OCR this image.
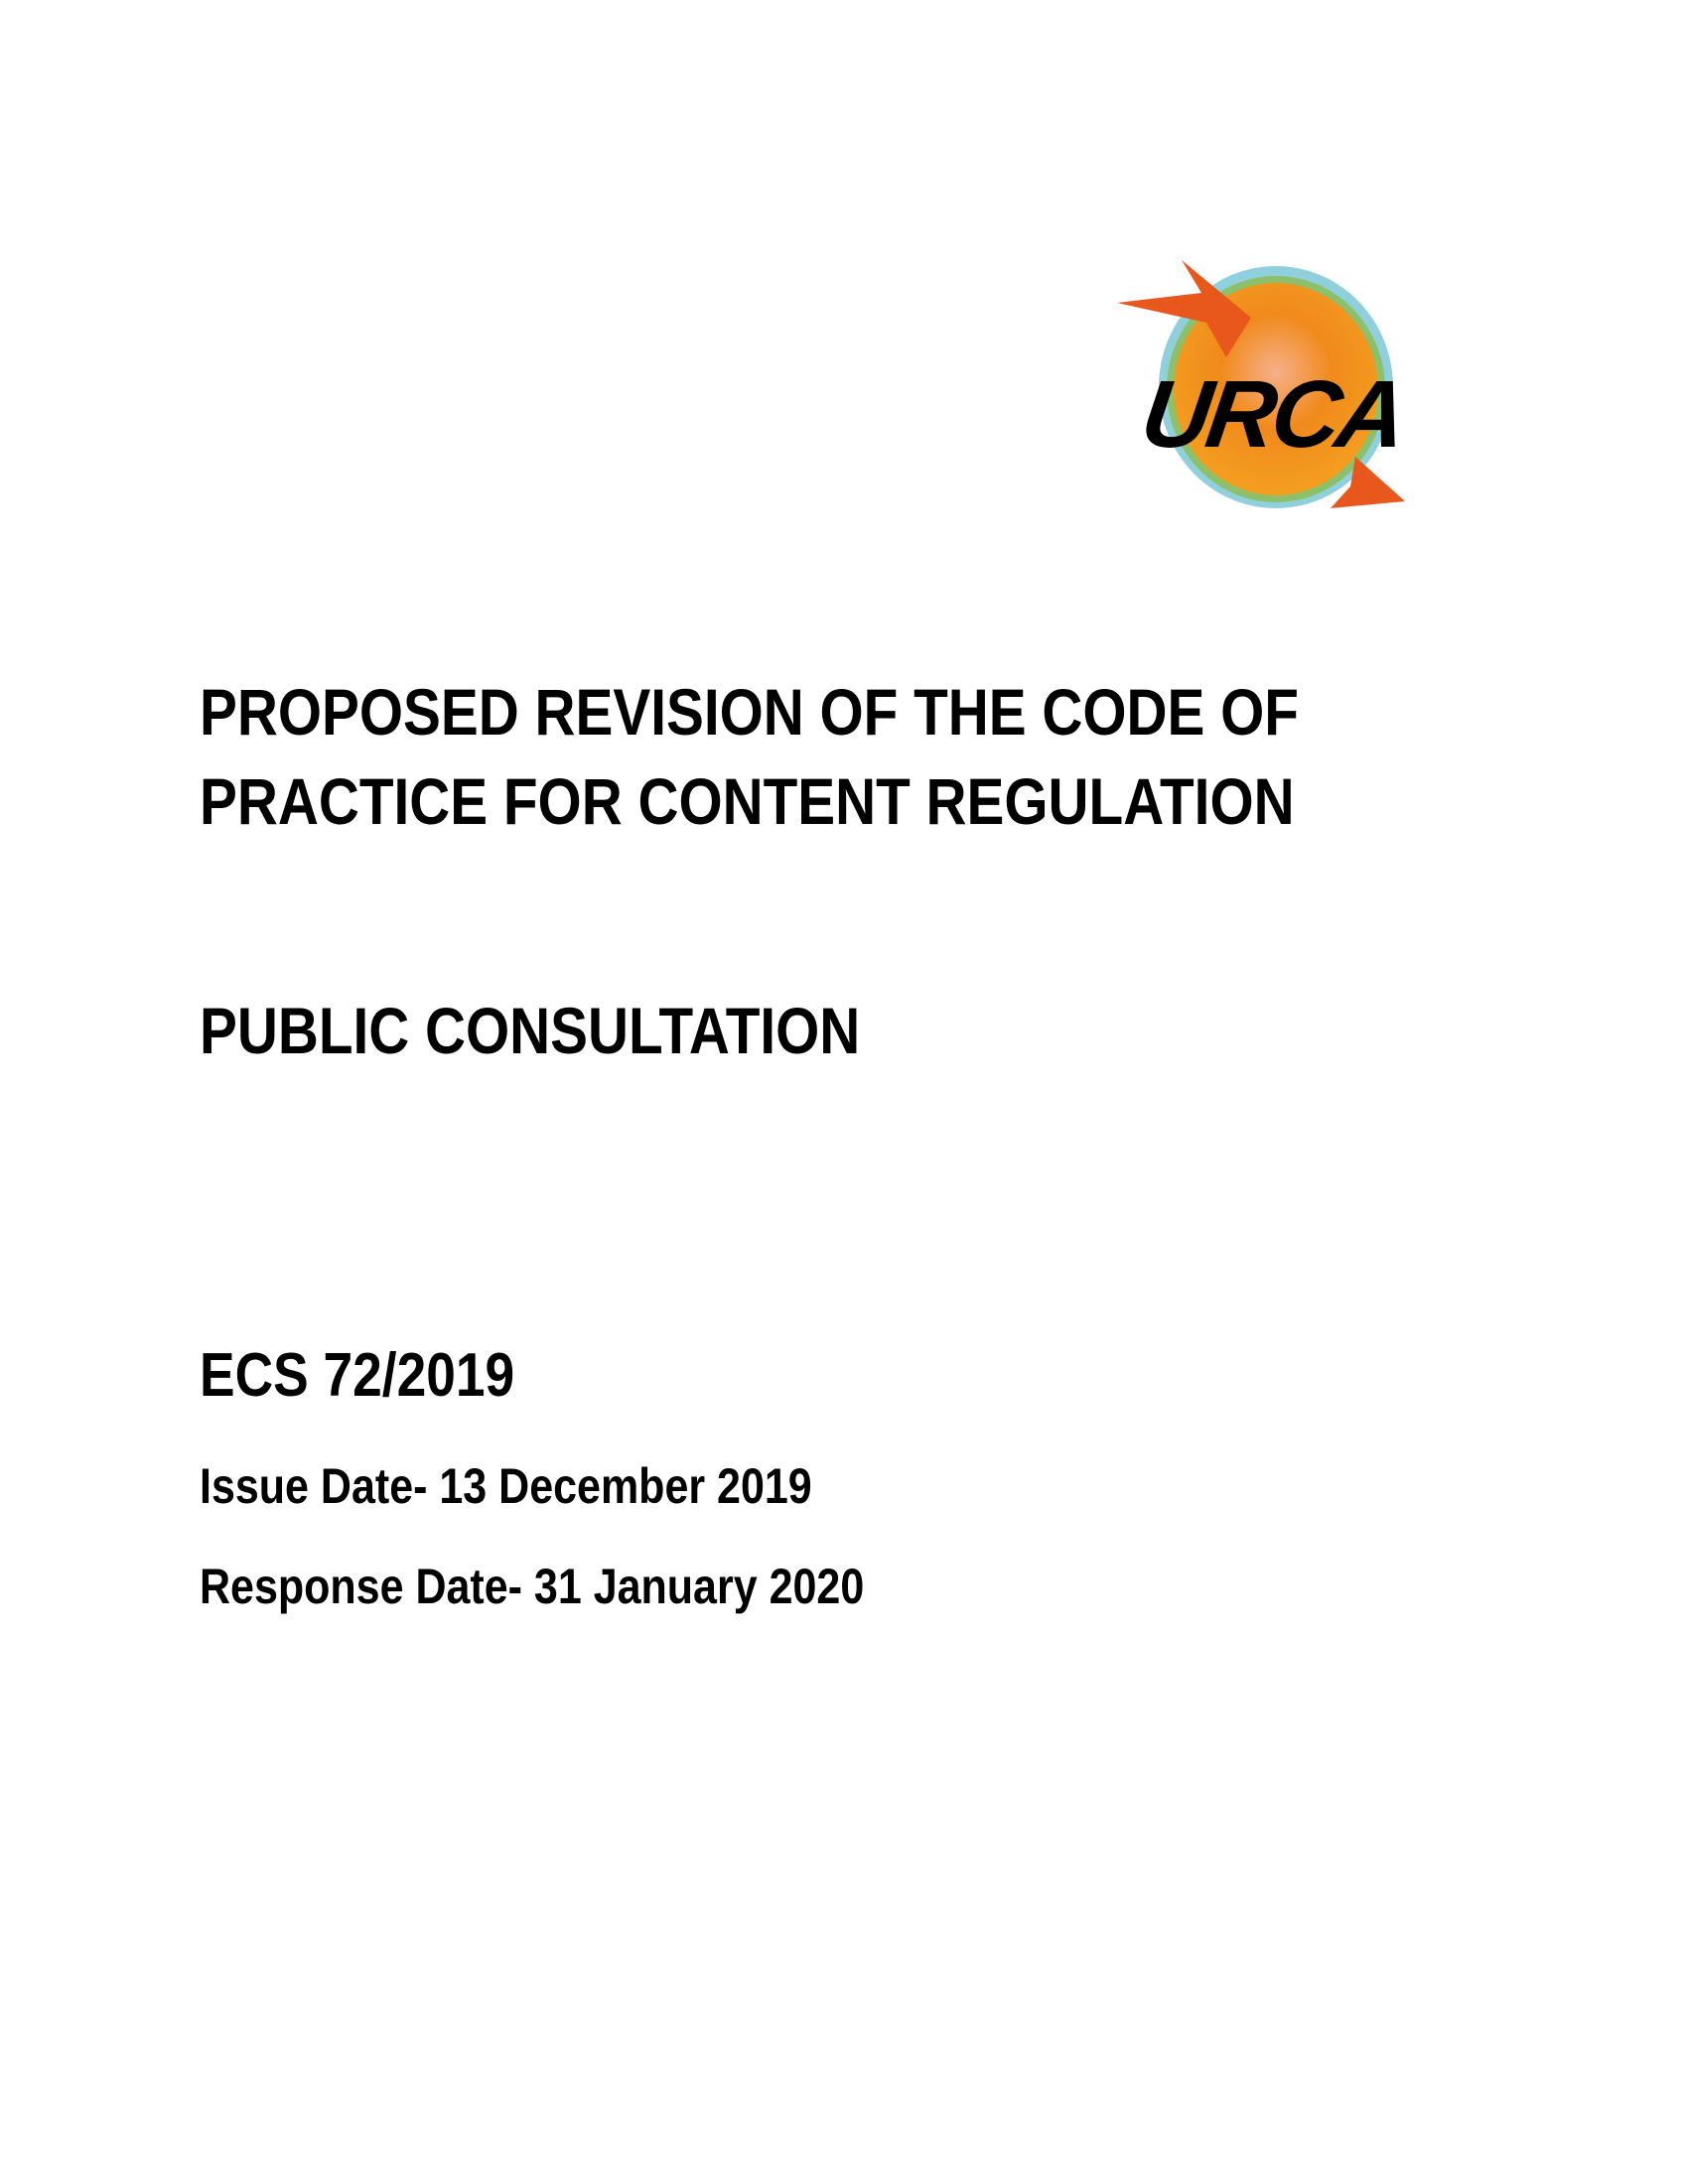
URCA
PROPOSED REVISION OF THE CODE OF
PRACTICE FOR CONTENT REGULATION
PUBLIC CONSULTATION
ECS 72/2019
Issue Date- 13 December 2019
Response Date- 31 January 2020
